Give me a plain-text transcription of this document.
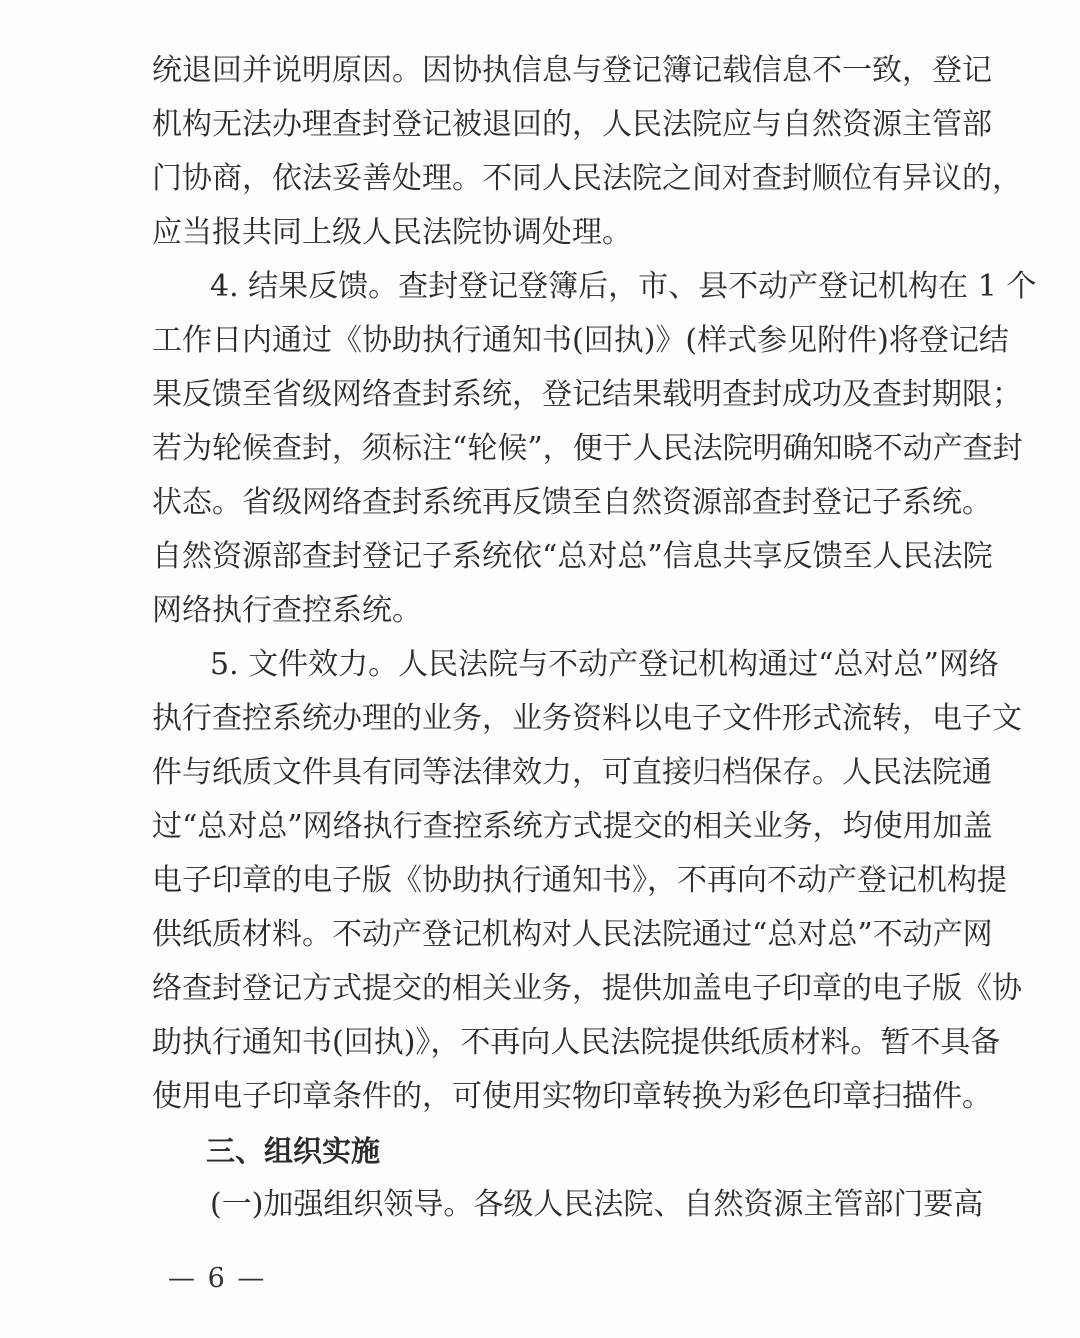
统退回并说明原因。因协执信息与登记簿记载信息不一致，登记
机构无法办理查封登记被退回的，人民法院应与自然资源主管部
门协商，依法妥善处理。不同人民法院之间对查封顺位有异议的，
应当报共同上级人民法院协调处理。
4. 结果反馈。查封登记登簿后，市、县不动产登记机构在 1 个
工作日内通过《协助执行通知书(回执)》(样式参见附件)将登记结
果反馈至省级网络查封系统，登记结果载明查封成功及查封期限；
若为轮候查封，须标注“轮候”，便于人民法院明确知晓不动产查封
状态。省级网络查封系统再反馈至自然资源部查封登记子系统。
自然资源部查封登记子系统依“总对总”信息共享反馈至人民法院
网络执行查控系统。
5. 文件效力。人民法院与不动产登记机构通过“总对总”网络
执行查控系统办理的业务，业务资料以电子文件形式流转，电子文
件与纸质文件具有同等法律效力，可直接归档保存。人民法院通
过“总对总”网络执行查控系统方式提交的相关业务，均使用加盖
电子印章的电子版《协助执行通知书》，不再向不动产登记机构提
供纸质材料。不动产登记机构对人民法院通过“总对总”不动产网
络查封登记方式提交的相关业务，提供加盖电子印章的电子版《协
助执行通知书(回执)》，不再向人民法院提供纸质材料。暂不具备
使用电子印章条件的，可使用实物印章转换为彩色印章扫描件。
三、组织实施
(一)加强组织领导。各级人民法院、自然资源主管部门要高
— 6 —
